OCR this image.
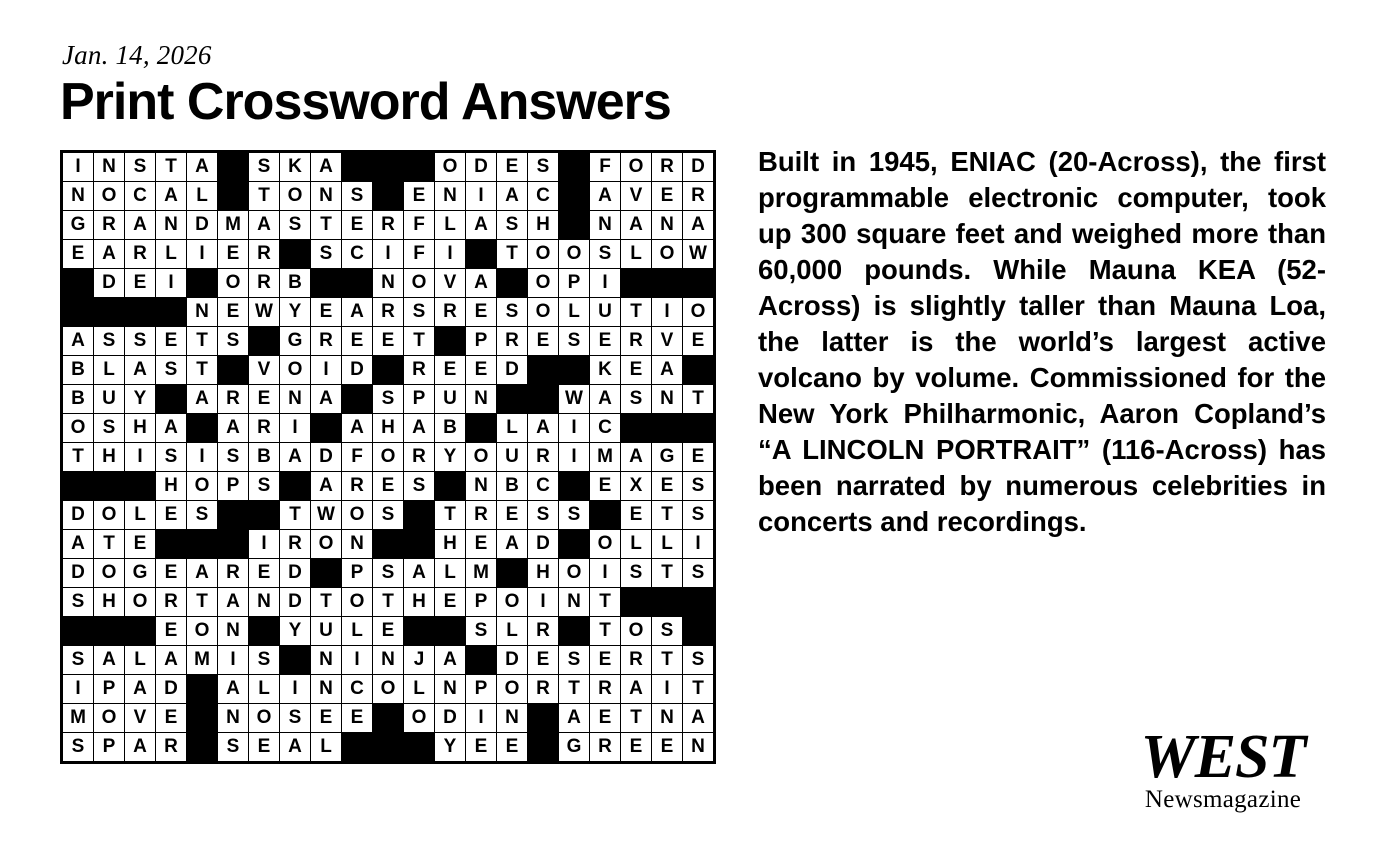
Jan. 14, 2026
Print Crossword Answers
I	N	S	T	A		S	K	A				O	D	E	S		F	O	R	D
N	O	C	A	L		T	O	N	S		E	N	I	A	C		A	V	E	R
G	R	A	N	D	M	A	S	T	E	R	F	L	A	S	H		N	A	N	A
E	A	R	L	I	E	R		S	C	I	F	I		T	O	O	S	L	O	W
	D	E	I		O	R	B			N	O	V	A		O	P	I			
				N	E	W	Y	E	A	R	S	R	E	S	O	L	U	T	I	O
A	S	S	E	T	S		G	R	E	E	T		P	R	E	S	E	R	V	E
B	L	A	S	T		V	O	I	D		R	E	E	D			K	E	A	
B	U	Y		A	R	E	N	A		S	P	U	N			W	A	S	N	T
O	S	H	A		A	R	I		A	H	A	B		L	A	I	C			
T	H	I	S	I	S	B	A	D	F	O	R	Y	O	U	R	I	M	A	G	E
			H	O	P	S		A	R	E	S		N	B	C		E	X	E	S
D	O	L	E	S			T	W	O	S		T	R	E	S	S		E	T	S
A	T	E				I	R	O	N			H	E	A	D		O	L	L	I
D	O	G	E	A	R	E	D		P	S	A	L	M		H	O	I	S	T	S
S	H	O	R	T	A	N	D	T	O	T	H	E	P	O	I	N	T			
			E	O	N		Y	U	L	E			S	L	R		T	O	S	
S	A	L	A	M	I	S		N	I	N	J	A		D	E	S	E	R	T	S
I	P	A	D		A	L	I	N	C	O	L	N	P	O	R	T	R	A	I	T
M	O	V	E		N	O	S	E	E		O	D	I	N		A	E	T	N	A
S	P	A	R		S	E	A	L				Y	E	E		G	R	E	E	N
Built in 1945, ENIAC (20-Across), the first programmable electronic computer, took up 300 square feet and weighed more than 60,000 pounds. While Mauna KEA (52-Across) is slightly taller than Mauna Loa, the latter is the world’s largest active volcano by volume. Commissioned for the New York Philharmonic, Aaron Copland’s “A LINCOLN PORTRAIT” (116-Across) has been narrated by numerous celebrities in concerts and recordings.
WEST
Newsmagazine
